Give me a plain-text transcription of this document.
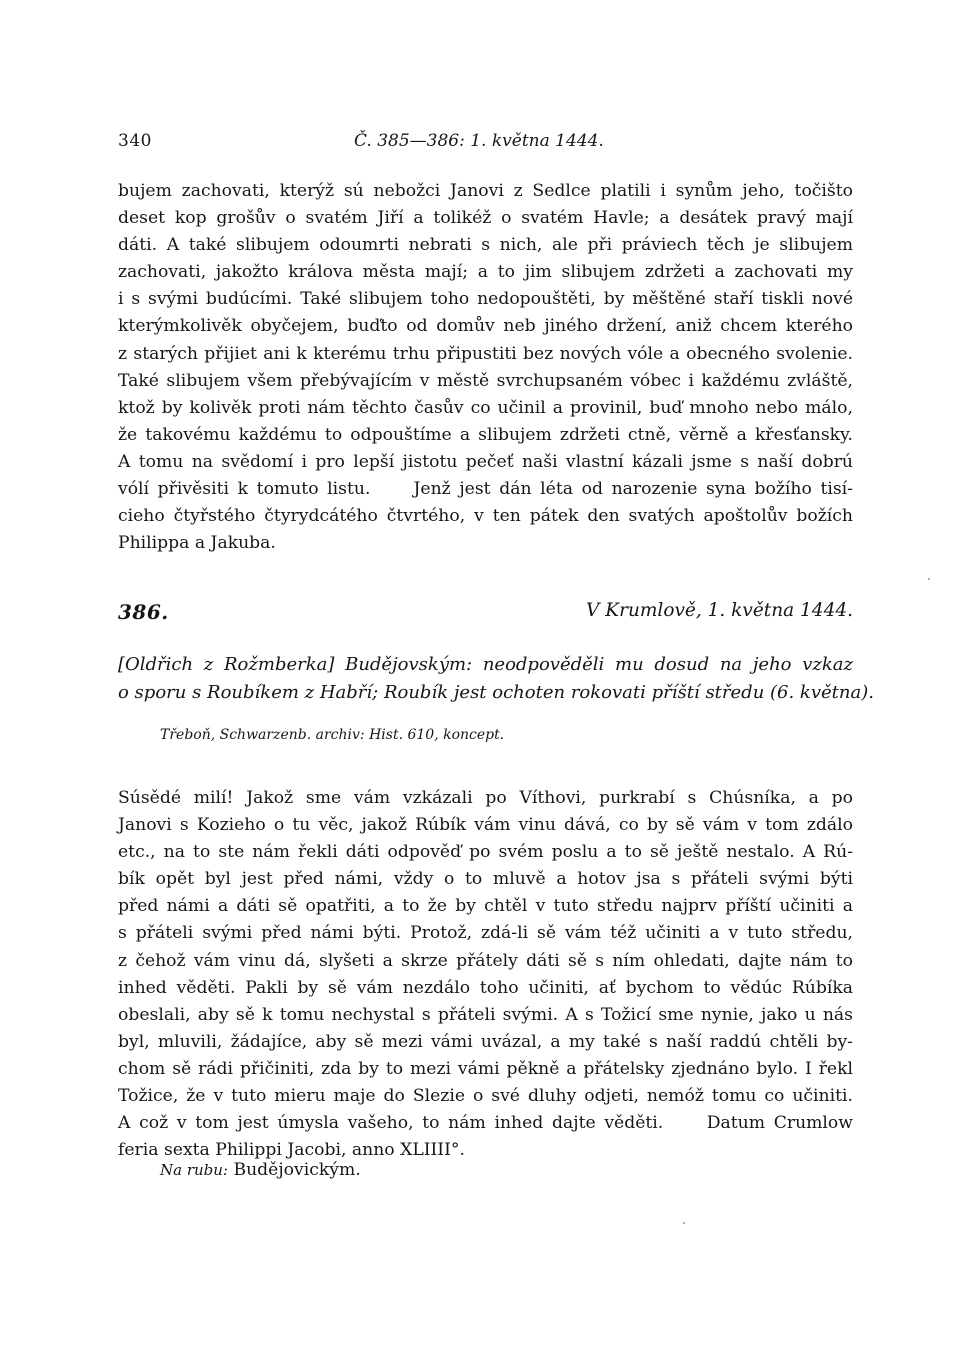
340	Č. 385—386: 1. května 1444.
bujem zachovati, kterýž sú nebožci Janovi z Sedlce platili i synům jeho, točišto
deset kop grošův o svatém Jiří a tolikéž o svatém Havle; a desátek pravý mají
dáti. A také slibujem odoumrti nebrati s nich, ale při práviech těch je slibujem
zachovati, jakožto králova města mají; a to jim slibujem zdržeti a zachovati my
i s svými budúcími. Také slibujem toho nedopouštěti, by měštěné staří tiskli nové
kterýmkolivěk obyčejem, buďto od domův neb jiného držení, aniž chcem kterého
z starých přijiet ani k kterému trhu připustiti bez nových vóle a obecného svolenie.
Také slibujem všem přebývajícím v městě svrchupsaném vóbec i každému zvláště,
ktož by kolivěk proti nám těchto časův co učinil a provinil, buď mnoho nebo málo,
že takovému každému to odpouštíme a slibujem zdržeti ctně, věrně a křesťansky.
A tomu na svědomí i pro lepší jistotu pečeť naši vlastní kázali jsme s naší dobrú
vólí přivěsiti k tomuto listu.     Jenž jest dán léta od narozenie syna božího tisí-
cieho čtyřstého čtyrydcátého čtvrtého, v ten pátek den svatých apoštolův božích
Philippa a Jakuba.
386.	V Krumlově, 1. května 1444.
[Oldřich z Rožmberka] Budějovským: neodpověděli mu dosud na jeho vzkaz
o sporu s Roubíkem z Habří; Roubík jest ochoten rokovati příští středu (6. května).
Třeboň, Schwarzenb. archiv: Hist. 610, koncept.
Súsědé milí! Jakož sme vám vzkázali po Víthovi, purkrabí s Chúsníka, a po
Janovi s Kozieho o tu věc, jakož Rúbík vám vinu dává, co by sě vám v tom zdálo
etc., na to ste nám řekli dáti odpověď po svém poslu a to sě ještě nestalo. A Rú-
bík opět byl jest před námi, vždy o to mluvě a hotov jsa s přáteli svými býti
před námi a dáti sě opatřiti, a to že by chtěl v tuto středu najprv příští učiniti a
s přáteli svými před námi býti. Protož, zdá-li sě vám též učiniti a v tuto středu,
z čehož vám vinu dá, slyšeti a skrze přátely dáti sě s ním ohledati, dajte nám to
inhed věděti. Pakli by sě vám nezdálo toho učiniti, ať bychom to vědúc Rúbíka
obeslali, aby sě k tomu nechystal s přáteli svými. A s Tožicí sme nynie, jako u nás
byl, mluvili, žádajíce, aby sě mezi vámi uvázal, a my také s naší raddú chtěli by-
chom sě rádi přičiniti, zda by to mezi vámi pěkně a přátelsky zjednáno bylo. I řekl
Tožice, že v tuto mieru maje do Slezie o své dluhy odjeti, nemóž tomu co učiniti.
A což v tom jest úmysla vašeho, to nám inhed dajte věděti.     Datum Crumlow
feria sexta Philippi Jacobi, anno XLIIII°.
Na rubu: Budějovickým.
